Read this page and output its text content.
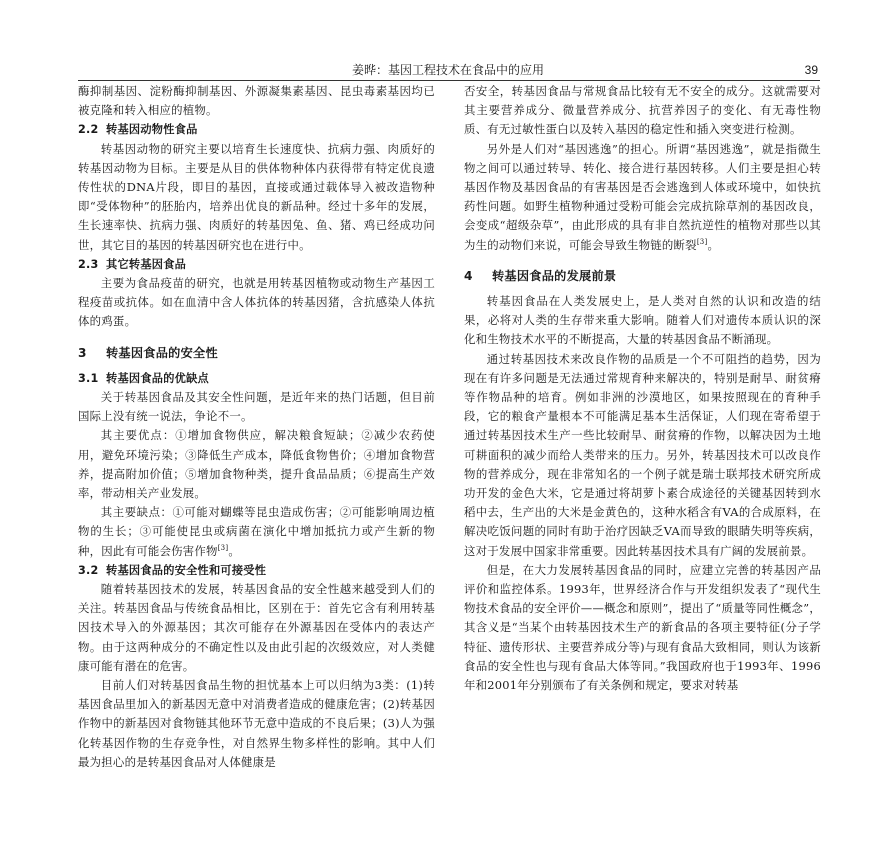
姜晔：基因工程技术在食品中的应用	39

酶抑制基因、淀粉酶抑制基因、外源凝集素基因、昆虫毒素基因均已被克隆和转入相应的植物。

2.2 转基因动物性食品

转基因动物的研究主要以培育生长速度快、抗病力强、肉质好的转基因动物为目标。主要是从目的供体物种体内获得带有特定优良遗传性状的DNA片段，即目的基因，直接或通过载体导入被改造物种即“受体物种”的胚胎内，培养出优良的新品种。经过十多年的发展，生长速率快、抗病力强、肉质好的转基因兔、鱼、猪、鸡已经成功问世，其它目的基因的转基因研究也在进行中。

2.3 其它转基因食品

主要为食品疫苗的研究，也就是用转基因植物或动物生产基因工程疫苗或抗体。如在血清中含人体抗体的转基因猪，含抗感染人体抗体的鸡蛋。

3 转基因食品的安全性
3.1 转基因食品的优缺点

关于转基因食品及其安全性问题，是近年来的热门话题，但目前国际上没有统一说法，争论不一。

其主要优点：①增加食物供应，解决粮食短缺；②减少农药使用，避免环境污染；③降低生产成本，降低食物售价；④增加食物营养，提高附加价值；⑤增加食物种类，提升食品品质；⑥提高生产效率，带动相关产业发展。

其主要缺点：①可能对蝴蝶等昆虫造成伤害；②可能影响周边植物的生长；③可能使昆虫或病菌在演化中增加抵抗力或产生新的物种，因此有可能会伤害作物[3]。

3.2 转基因食品的安全性和可接受性

随着转基因技术的发展，转基因食品的安全性越来越受到人们的关注。转基因食品与传统食品相比，区别在于：首先它含有利用转基因技术导入的外源基因；其次可能存在外源基因在受体内的表达产物。由于这两种成分的不确定性以及由此引起的次级效应，对人类健康可能有潜在的危害。

目前人们对转基因食品生物的担忧基本上可以归纳为3类：(1)转基因食品里加入的新基因无意中对消费者造成的健康危害；(2)转基因作物中的新基因对食物链其他环节无意中造成的不良后果；(3)人为强化转基因作物的生存竞争性，对自然界生物多样性的影响。其中人们最为担心的是转基因食品对人体健康是

否安全，转基因食品与常规食品比较有无不安全的成分。这就需要对其主要营养成分、微量营养成分、抗营养因子的变化、有无毒性物质、有无过敏性蛋白以及转入基因的稳定性和插入突变进行检测。

另外是人们对“基因逃逸”的担心。所谓“基因逃逸”，就是指微生物之间可以通过转导、转化、接合进行基因转移。人们主要是担心转基因作物及基因食品的有害基因是否会逃逸到人体或环境中，如快抗药性问题。如野生植物种通过受粉可能会完成抗除草剂的基因改良，会变成“超级杂草”，由此形成的具有非自然抗逆性的植物对那些以其为生的动物们来说，可能会导致生物链的断裂[3]。

4 转基因食品的发展前景

转基因食品在人类发展史上，是人类对自然的认识和改造的结果，必将对人类的生存带来重大影响。随着人们对遗传本质认识的深化和生物技术水平的不断提高，大量的转基因食品不断涌现。

通过转基因技术来改良作物的品质是一个不可阻挡的趋势，因为现在有许多问题是无法通过常规育种来解决的，特别是耐旱、耐贫瘠等作物品种的培育。例如非洲的沙漠地区，如果按照现在的育种手段，它的粮食产量根本不可能满足基本生活保证，人们现在寄希望于通过转基因技术生产一些比较耐旱、耐贫瘠的作物，以解决因为土地可耕面积的减少而给人类带来的压力。另外，转基因技术可以改良作物的营养成分，现在非常知名的一个例子就是瑞士联邦技术研究所成功开发的金色大米，它是通过将胡萝卜素合成途径的关键基因转到水稻中去，生产出的大米是金黄色的，这种水稻含有VA的合成原料，在解决吃饭问题的同时有助于治疗因缺乏VA而导致的眼睛失明等疾病，这对于发展中国家非常重要。因此转基因技术具有广阔的发展前景。

但是，在大力发展转基因食品的同时，应建立完善的转基因产品评价和监控体系。1993年，世界经济合作与开发组织发表了“现代生物技术食品的安全评价——概念和原则”，提出了“质量等同性概念”，其含义是“当某个由转基因技术生产的新食品的各项主要特征(分子学特征、遗传形状、主要营养成分等)与现有食品大致相同，则认为该新食品的安全性也与现有食品大体等同。”我国政府也于1993年、1996年和2001年分别颁布了有关条例和规定，要求对转基
